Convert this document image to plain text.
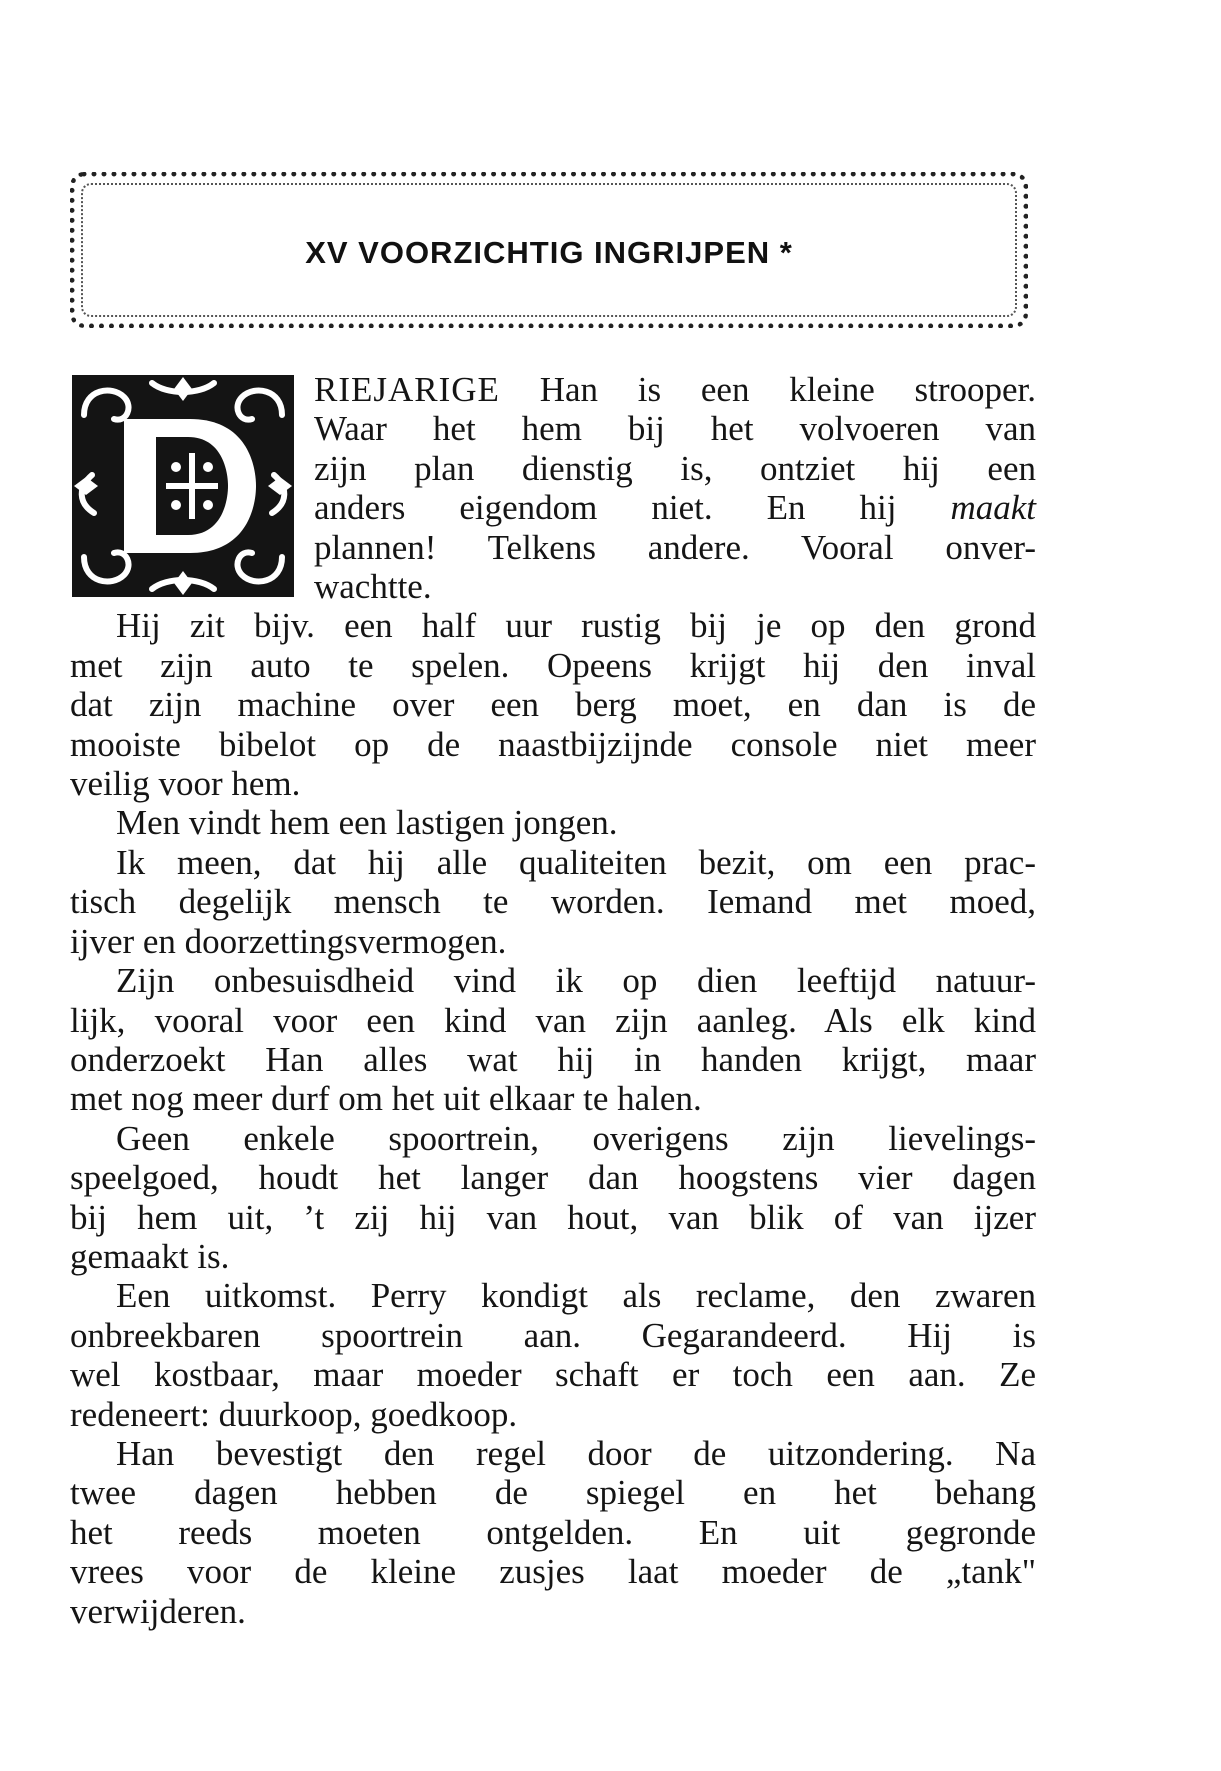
XV VOORZICHTIG INGRIJPEN *

RIEJARIGE Han is een kleine strooper.
Waar het hem bij het volvoeren van
zijn plan dienstig is, ontziet hij een
anders eigendom niet. En hij maakt
plannen! Telkens andere. Vooral onver-
wachtte.

Hij zit bijv. een half uur rustig bij je op den grond
met zijn auto te spelen. Opeens krijgt hij den inval
dat zijn machine over een berg moet, en dan is de
mooiste bibelot op de naastbijzijnde console niet meer
veilig voor hem.

Men vindt hem een lastigen jongen.

Ik meen, dat hij alle qualiteiten bezit, om een prac-
tisch degelijk mensch te worden. Iemand met moed,
ijver en doorzettingsvermogen.

Zijn onbesuisdheid vind ik op dien leeftijd natuur-
lijk, vooral voor een kind van zijn aanleg. Als elk kind
onderzoekt Han alles wat hij in handen krijgt, maar
met nog meer durf om het uit elkaar te halen.

Geen enkele spoortrein, overigens zijn lievelings-
speelgoed, houdt het langer dan hoogstens vier dagen
bij hem uit, ’t zij hij van hout, van blik of van ijzer
gemaakt is.

Een uitkomst. Perry kondigt als reclame, den zwaren
onbreekbaren spoortrein aan. Gegarandeerd. Hij is
wel kostbaar, maar moeder schaft er toch een aan. Ze
redeneert: duurkoop, goedkoop.

Han bevestigt den regel door de uitzondering. Na
twee dagen hebben de spiegel en het behang
het reeds moeten ontgelden. En uit gegronde
vrees voor de kleine zusjes laat moeder de „tank"
verwijderen.
